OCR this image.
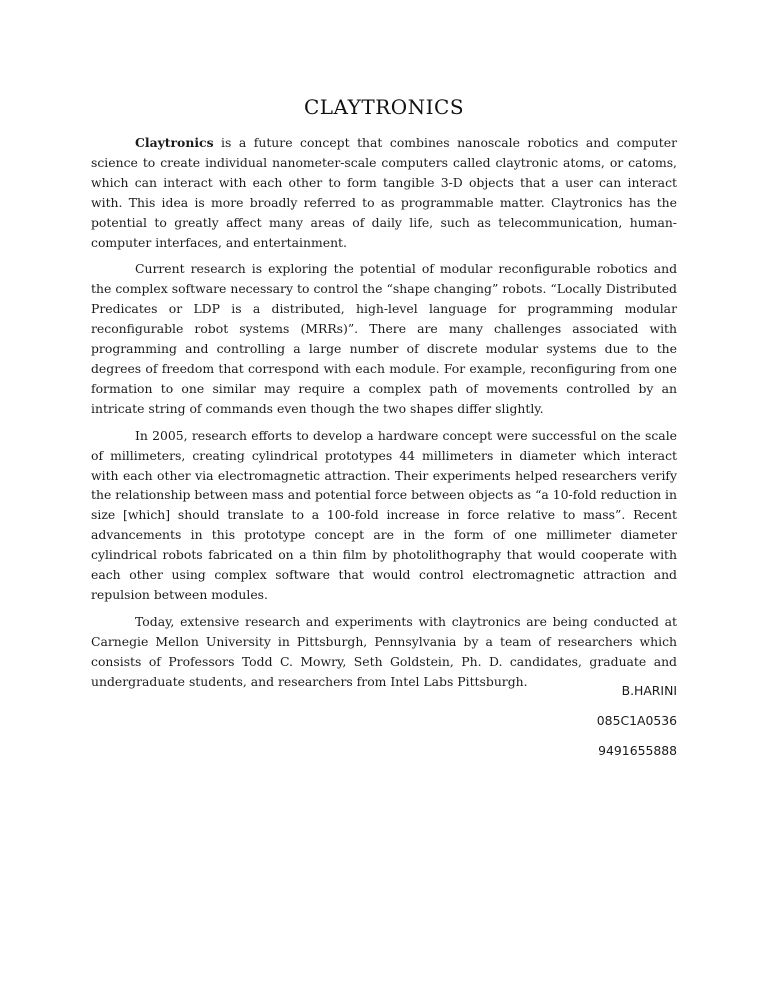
CLAYTRONICS

Claytronics is a future concept that combines nanoscale robotics and computer science to create individual nanometer-scale computers called claytronic atoms, or catoms, which can interact with each other to form tangible 3-D objects that a user can interact with. This idea is more broadly referred to as programmable matter. Claytronics has the potential to greatly affect many areas of daily life, such as telecommunication, human-computer interfaces, and entertainment.

Current research is exploring the potential of modular reconfigurable robotics and the complex software necessary to control the “shape changing” robots. “Locally Distributed Predicates or LDP is a distributed, high-level language for programming modular reconfigurable robot systems (MRRs)”. There are many challenges associated with programming and controlling a large number of discrete modular systems due to the degrees of freedom that correspond with each module. For example, reconfiguring from one formation to one similar may require a complex path of movements controlled by an intricate string of commands even though the two shapes differ slightly.

In 2005, research efforts to develop a hardware concept were successful on the scale of millimeters, creating cylindrical prototypes 44 millimeters in diameter which interact with each other via electromagnetic attraction. Their experiments helped researchers verify the relationship between mass and potential force between objects as “a 10-fold reduction in size [which] should translate to a 100-fold increase in force relative to mass”. Recent advancements in this prototype concept are in the form of one millimeter diameter cylindrical robots fabricated on a thin film by photolithography that would cooperate with each other using complex software that would control electromagnetic attraction and repulsion between modules.

Today, extensive research and experiments with claytronics are being conducted at Carnegie Mellon University in Pittsburgh, Pennsylvania by a team of researchers which consists of Professors Todd C. Mowry, Seth Goldstein, Ph. D. candidates, graduate and undergraduate students, and researchers from Intel Labs Pittsburgh.

B.HARINI
085C1A0536
9491655888
